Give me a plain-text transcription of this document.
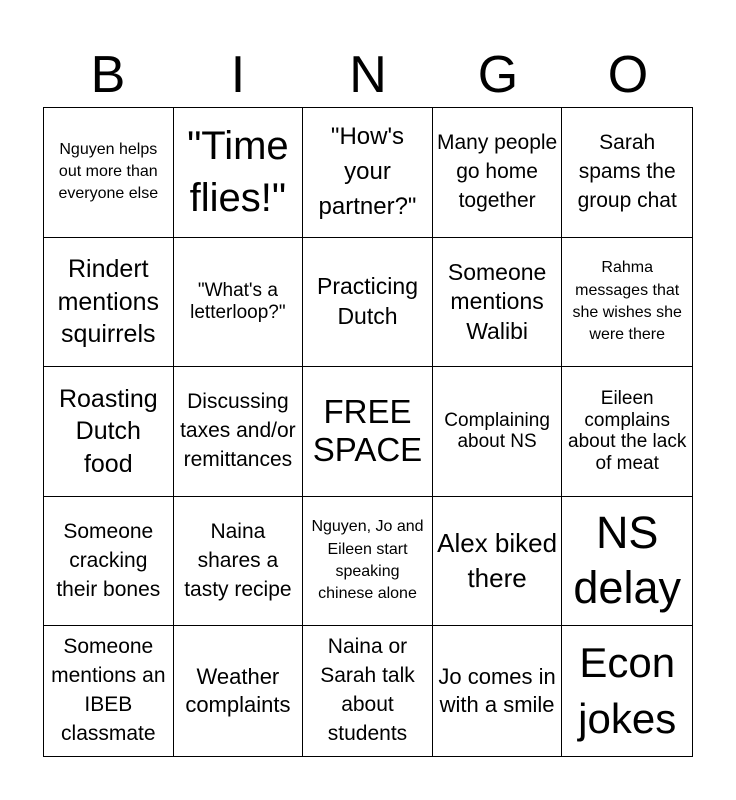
B	I	N	G	O
Nguyen helps out more than everyone else
"Time flies!"
"How's your partner?"
Many people go home together
Sarah spams the group chat
Rindert mentions squirrels
"What's a letterloop?"
Practicing Dutch
Someone mentions Walibi
Rahma messages that she wishes she were there
Roasting Dutch food
Discussing taxes and/or remittances
FREE SPACE
Complaining about NS
Eileen complains about the lack of meat
Someone cracking their bones
Naina shares a tasty recipe
Nguyen, Jo and Eileen start speaking chinese alone
Alex biked there
NS delay
Someone mentions an IBEB classmate
Weather complaints
Naina or Sarah talk about students
Jo comes in with a smile
Econ jokes
